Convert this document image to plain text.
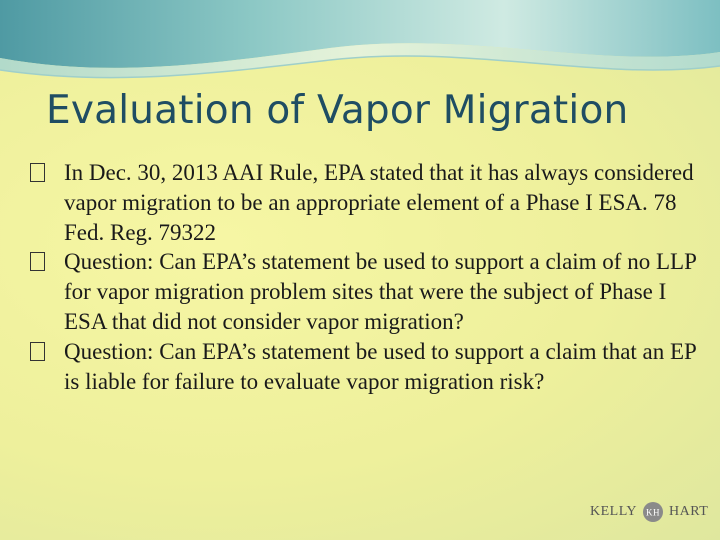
Evaluation of Vapor Migration
In Dec. 30, 2013 AAI Rule, EPA stated that it has always considered vapor migration to be an appropriate element of a Phase I ESA. 78 Fed. Reg. 79322
Question: Can EPA’s statement be used to support a claim of no LLP for vapor migration problem sites that were the subject of Phase I ESA that did not consider vapor migration?
Question: Can EPA’s statement be used to support a claim that an EP is liable for failure to evaluate vapor migration risk?
KELLY KH HART
